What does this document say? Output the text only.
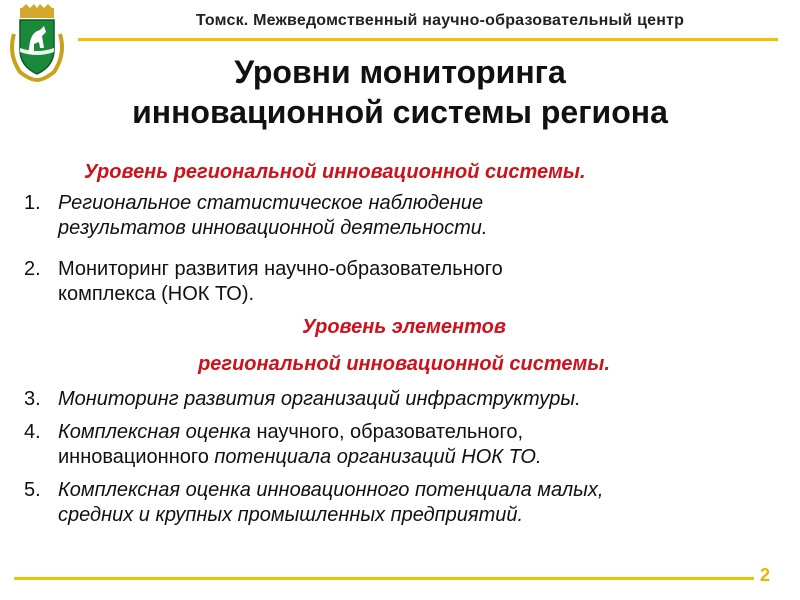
Томск. Межведомственный научно-образовательный центр
Уровни мониторинга
инновационной системы региона
Уровень региональной инновационной системы.
1. Региональное статистическое наблюдение
результатов инновационной деятельности.
2. Мониторинг развития научно-образовательного
комплекса (НОК ТО).
Уровень элементов
региональной инновационной системы.
3. Мониторинг развития организаций инфраструктуры.
4. Комплексная оценка научного, образовательного,
инновационного потенциала организаций НОК ТО.
5. Комплексная оценка инновационного потенциала малых,
средних и крупных промышленных предприятий.
2
